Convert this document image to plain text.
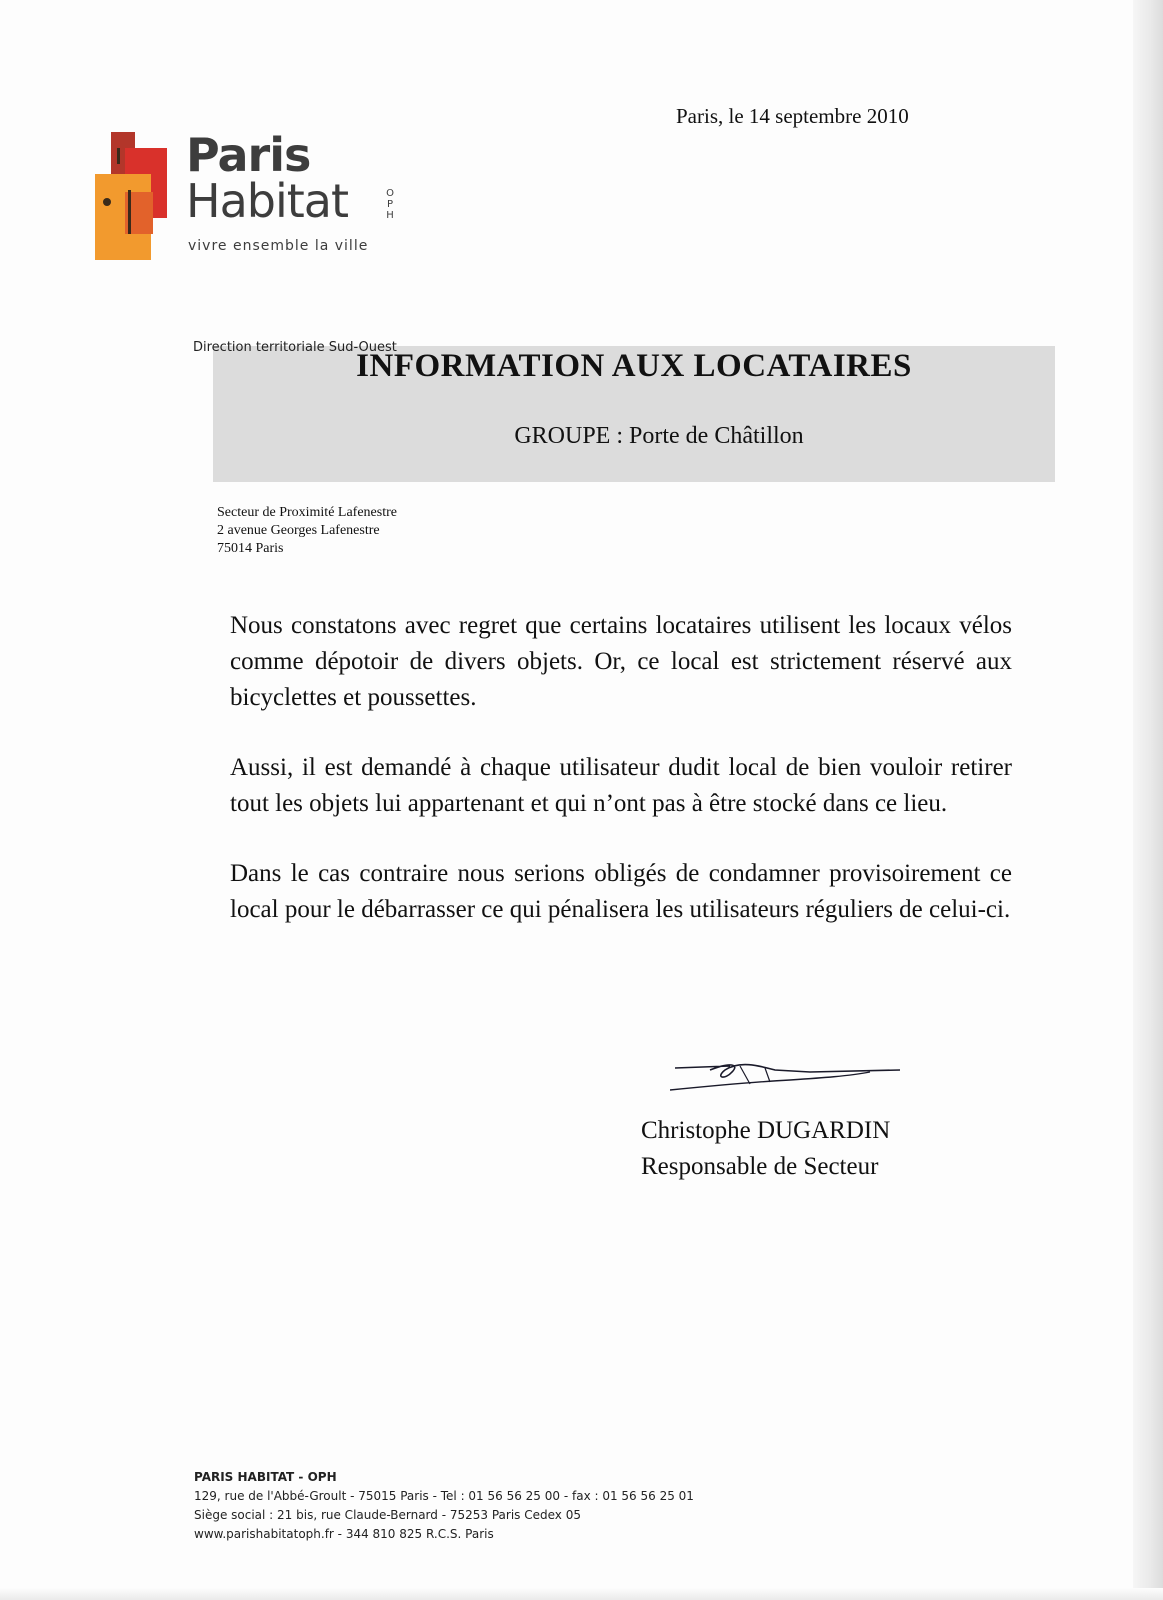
Paris, le 14 septembre 2010
Paris
Habitat	O
P
H
vivre ensemble la ville
Direction territoriale Sud-Ouest
INFORMATION AUX LOCATAIRES
GROUPE : Porte de Châtillon
Secteur de Proximité Lafenestre
2 avenue Georges Lafenestre
75014 Paris

Nous constatons avec regret que certains locataires utilisent les locaux vélos comme dépotoir de divers objets. Or, ce local est strictement réservé aux bicyclettes et poussettes.

Aussi, il est demandé à chaque utilisateur dudit local de bien vouloir retirer tout les objets lui appartenant et qui n’ont pas à être stocké dans ce lieu.

Dans le cas contraire nous serions obligés de condamner provisoirement ce local pour le débarrasser ce qui pénalisera les utilisateurs réguliers de celui-ci.

Christophe DUGARDIN
Responsable de Secteur
PARIS HABITAT - OPH
129, rue de l'Abbé-Groult - 75015 Paris - Tel : 01 56 56 25 00 - fax : 01 56 56 25 01
Siège social : 21 bis, rue Claude-Bernard - 75253 Paris Cedex 05
www.parishabitatoph.fr - 344 810 825 R.C.S. Paris
